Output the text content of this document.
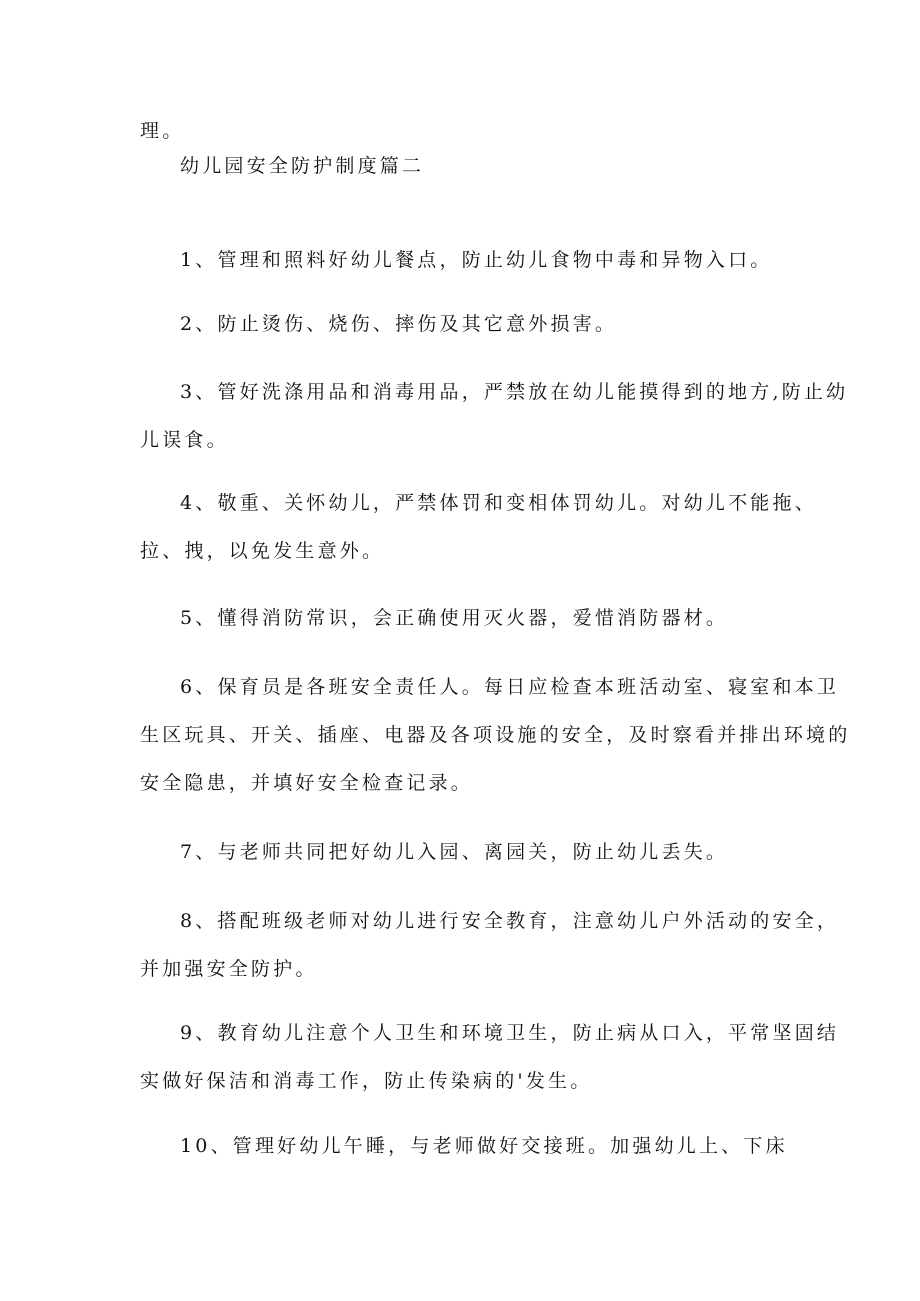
理。
幼儿园安全防护制度篇二
1、管理和照料好幼儿餐点，防止幼儿食物中毒和异物入口。
2、防止烫伤、烧伤、摔伤及其它意外损害。
3、管好洗涤用品和消毒用品，严禁放在幼儿能摸得到的地方,防止幼
儿误食。
4、敬重、关怀幼儿，严禁体罚和变相体罚幼儿。对幼儿不能拖、
拉、拽，以免发生意外。
5、懂得消防常识，会正确使用灭火器，爱惜消防器材。
6、保育员是各班安全责任人。每日应检查本班活动室、寝室和本卫
生区玩具、开关、插座、电器及各项设施的安全，及时察看并排出环境的
安全隐患，并填好安全检查记录。
7、与老师共同把好幼儿入园、离园关，防止幼儿丢失。
8、搭配班级老师对幼儿进行安全教育，注意幼儿户外活动的安全，
并加强安全防护。
9、教育幼儿注意个人卫生和环境卫生，防止病从口入，平常坚固结
实做好保洁和消毒工作，防止传染病的'发生。
10、管理好幼儿午睡，与老师做好交接班。加强幼儿上、下床
